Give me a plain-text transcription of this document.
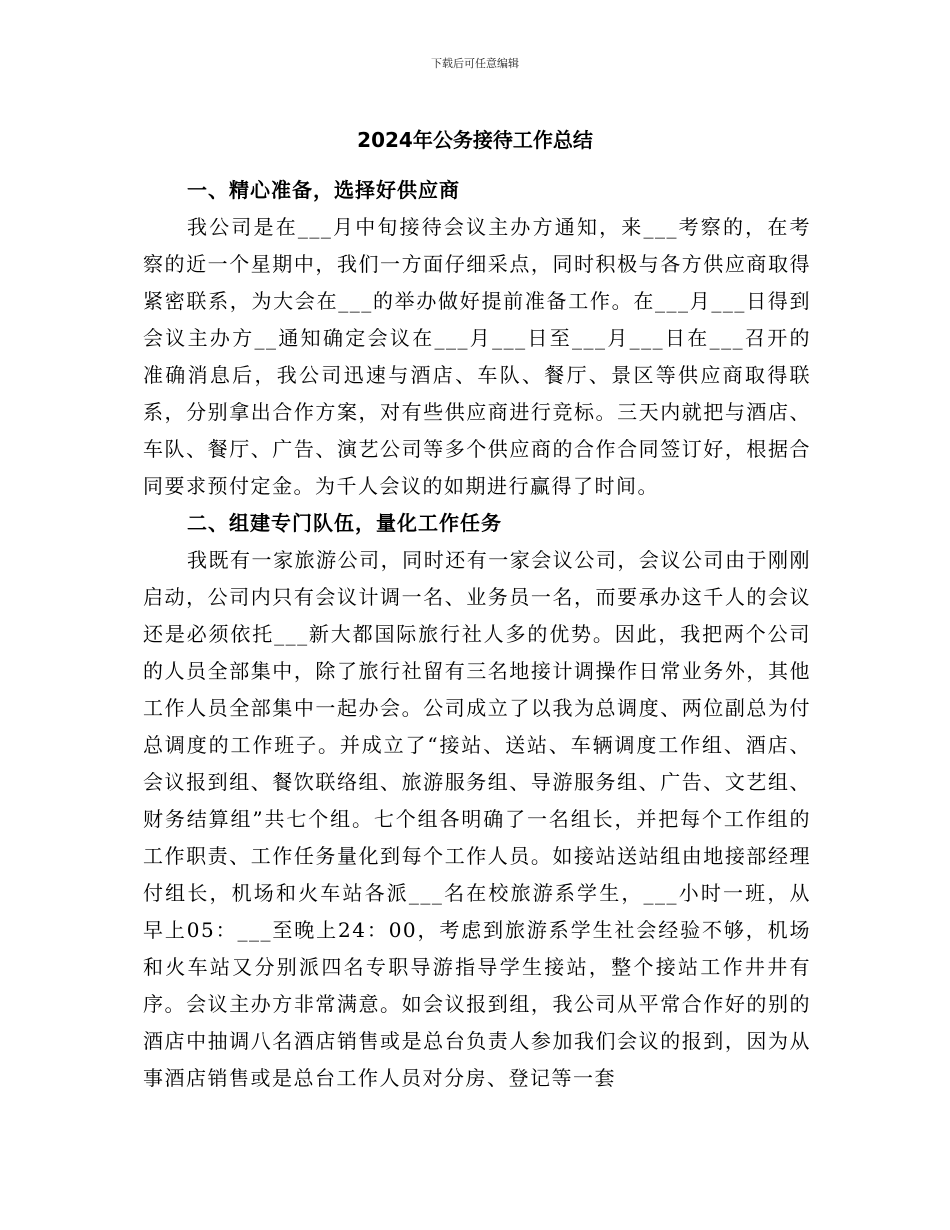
下载后可任意编辑
2024年公务接待工作总结

一、精心准备，选择好供应商

我公司是在___月中旬接待会议主办方通知，来___考察的，在考察的近一个星期中，我们一方面仔细采点，同时积极与各方供应商取得紧密联系，为大会在___的举办做好提前准备工作。在___月___日得到会议主办方__通知确定会议在___月___日至___月___日在___召开的准确消息后，我公司迅速与酒店、车队、餐厅、景区等供应商取得联系，分别拿出合作方案，对有些供应商进行竞标。三天内就把与酒店、车队、餐厅、广告、演艺公司等多个供应商的合作合同签订好，根据合同要求预付定金。为千人会议的如期进行赢得了时间。

二、组建专门队伍，量化工作任务

我既有一家旅游公司，同时还有一家会议公司，会议公司由于刚刚启动，公司内只有会议计调一名、业务员一名，而要承办这千人的会议还是必须依托___新大都国际旅行社人多的优势。因此，我把两个公司的人员全部集中，除了旅行社留有三名地接计调操作日常业务外，其他工作人员全部集中一起办会。公司成立了以我为总调度、两位副总为付总调度的工作班子。并成立了“接站、送站、车辆调度工作组、酒店、会议报到组、餐饮联络组、旅游服务组、导游服务组、广告、文艺组、财务结算组”共七个组。七个组各明确了一名组长，并把每个工作组的工作职责、工作任务量化到每个工作人员。如接站送站组由地接部经理付组长，机场和火车站各派___名在校旅游系学生，___小时一班，从早上05：___至晚上24：00，考虑到旅游系学生社会经验不够，机场和火车站又分别派四名专职导游指导学生接站，整个接站工作井井有序。会议主办方非常满意。如会议报到组，我公司从平常合作好的别的酒店中抽调八名酒店销售或是总台负责人参加我们会议的报到，因为从事酒店销售或是总台工作人员对分房、登记等一套
